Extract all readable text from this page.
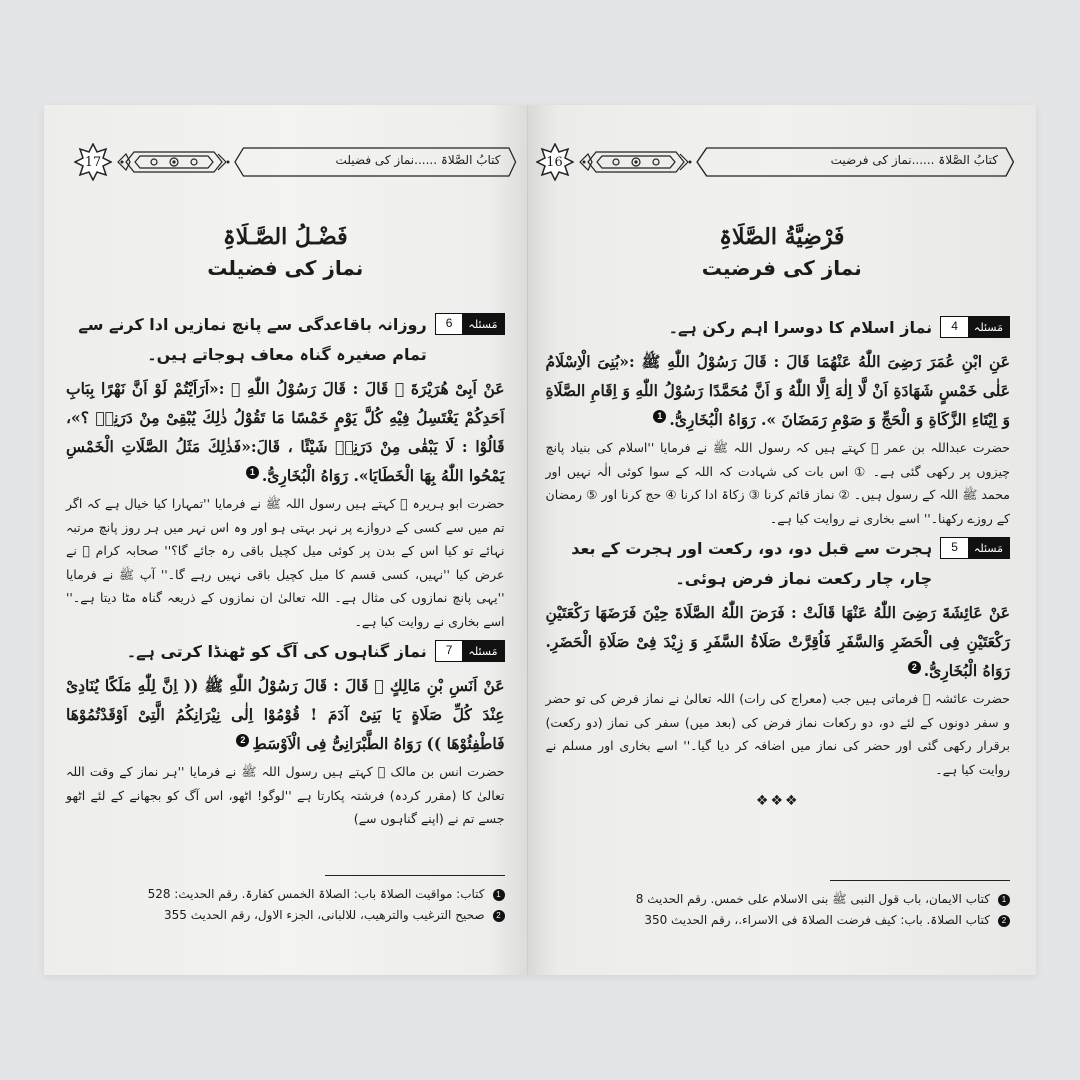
17	کتابُ الصَّلاۃ ......نماز کی فضیلت
فَضْـلُ الصَّـلَاۃِ
نماز کی فضیلت
مَسئلہ
6
روزانہ باقاعدگی سے پانچ نمازیں ادا کرنے سے تمام صغیرہ گناہ معاف ہوجاتے ہیں۔

عَنْ اَبِیْ هُرَیْرَةَ ﷛ قَالَ : قَالَ رَسُوْلُ اللّٰهِ ﷺ :«اَرَاَیْتُمْ لَوْ اَنَّ نَهْرًا بِبَابِ اَحَدِكُمْ یَغْتَسِلُ فِیْهِ كُلَّ یَوْمٍ خَمْسًا مَا تَقُوْلُ ذٰلِكَ یُبْقِیْ مِنْ دَرَنِهٖ ؟»، قَالُوْا : لَا یَبْقٰی مِنْ دَرَنِهٖ شَیْئًا ، قَالَ:«فَذٰلِكَ مَثَلُ الصَّلَاتِ الْخَمْسِ یَمْحُوا اللّٰهُ بِهَا الْخَطَایَا». رَوَاهُ الْبُخَارِیُّ.1

حضرت ابو ہریرہ ﷛ کہتے ہیں رسول اللہ ﷺ نے فرمایا ''تمہارا کیا خیال ہے کہ اگر تم میں سے کسی کے دروازے پر نہر بہتی ہو اور وہ اس نہر میں ہر روز پانچ مرتبہ نہائے تو کیا اس کے بدن پر کوئی میل کچیل باقی رہ جائے گا؟'' صحابہ کرام ﷡ نے عرض کیا ''نہیں، کسی قسم کا میل کچیل باقی نہیں رہے گا۔'' آپ ﷺ نے فرمایا ''یہی پانچ نمازوں کی مثال ہے۔ اللہ تعالیٰ ان نمازوں کے ذریعہ گناہ مٹا دیتا ہے۔'' اسے بخاری نے روایت کیا ہے۔

مَسئلہ
7
نماز گناہوں کی آگ کو ٹھنڈا کرتی ہے۔

عَنْ اَنَسِ بْنِ مَالِكٍ ﷛ قَالَ : قَالَ رَسُوْلُ اللّٰهِ ﷺ (( اِنَّ لِلّٰهِ مَلَكًا یُنَادِیْ عِنْدَ كُلِّ صَلَاةٍ یَا بَنِیْ آدَمَ ! قُوْمُوْا اِلٰی نِیْرَانِكُمُ الَّتِیْ اَوْقَدْتُمُوْهَا فَاطْفِئُوْهَا )) رَوَاهُ الطَّبْرَانِیُّ فِی الْاَوْسَطِ2

حضرت انس بن مالک ﷛ کہتے ہیں رسول اللہ ﷺ نے فرمایا ''ہر نماز کے وقت اللہ تعالیٰ کا (مقرر کردہ) فرشتہ پکارتا ہے ''لوگو! اٹھو، اس آگ کو بجھانے کے لئے اٹھو جسے تم نے (اپنے گناہوں سے)

1
کتاب: مواقیت الصلاۃ باب: الصلاۃ الخمس کفارۃ. رقم الحدیث: 528
2
صحیح الترغیب والترھیب، للالبانی، الجزء الاول، رقم الحدیث 355
16	کتابُ الصَّلاۃ ......نماز کی فرضیت
فَرْضِیَّةُ الصَّلَاۃِ
نماز کی فرضیت
مَسئلہ
4
نماز اسلام کا دوسرا اہم رکن ہے۔

عَنِ ابْنِ عُمَرَ رَضِیَ اللّٰهُ عَنْهُمَا قَالَ : قَالَ رَسُوْلُ اللّٰهِ ﷺ :«بُنِیَ الْاِسْلَامُ عَلٰی خَمْسٍ شَهَادَةِ اَنْ لَّا اِلٰهَ اِلَّا اللّٰهُ وَ اَنَّ مُحَمَّدًا رَسُوْلُ اللّٰهِ وَ اِقَامِ الصَّلَاةِ وَ اِیْتَاءِ الزَّكَاةِ وَ الْحَجِّ وَ صَوْمِ رَمَضَانَ ». رَوَاهُ الْبُخَارِیُّ.1

حضرت عبداللہ بن عمر ﷠ کہتے ہیں کہ رسول اللہ ﷺ نے فرمایا ''اسلام کی بنیاد پانچ چیزوں پر رکھی گئی ہے۔ ① اس بات کی شہادت کہ اللہ کے سوا کوئی الٰہ نہیں اور محمد ﷺ اللہ کے رسول ہیں۔ ② نماز قائم کرنا ③ زکاۃ ادا کرنا ④ حج کرنا اور ⑤ رمضان کے روزے رکھنا۔'' اسے بخاری نے روایت کیا ہے۔

مَسئلہ
5
ہجرت سے قبل دو، دو، رکعت اور ہجرت کے بعد چار، چار رکعت نماز فرض ہوئی۔

عَنْ عَائِشَةَ رَضِیَ اللّٰهُ عَنْهَا قَالَتْ : فَرَضَ اللّٰهُ الصَّلَاةَ حِیْنَ فَرَضَهَا رَكْعَتَیْنِ رَكْعَتَیْنِ فِی الْحَضَرِ وَالسَّفَرِ فَاُقِرَّتْ صَلَاةُ السَّفَرِ وَ زِیْدَ فِیْ صَلَاةِ الْحَضَرِ. رَوَاهُ الْبُخَارِیُّ.2

حضرت عائشہ ﷞ فرماتی ہیں جب (معراج کی رات) اللہ تعالیٰ نے نماز فرض کی تو حضر و سفر دونوں کے لئے دو، دو رکعات نماز فرض کی (بعد میں) سفر کی نماز (دو رکعت) برقرار رکھی گئی اور حضر کی نماز میں اضافہ کر دیا گیا۔'' اسے بخاری اور مسلم نے روایت کیا ہے۔

❖❖❖
1
کتاب الایمان، باب قول النبی ﷺ بنی الاسلام علی خمس. رقم الحدیث 8
2
کتاب الصلاۃ. باب: کیف فرضت الصلاۃ فی الاسراء.، رقم الحدیث 350
